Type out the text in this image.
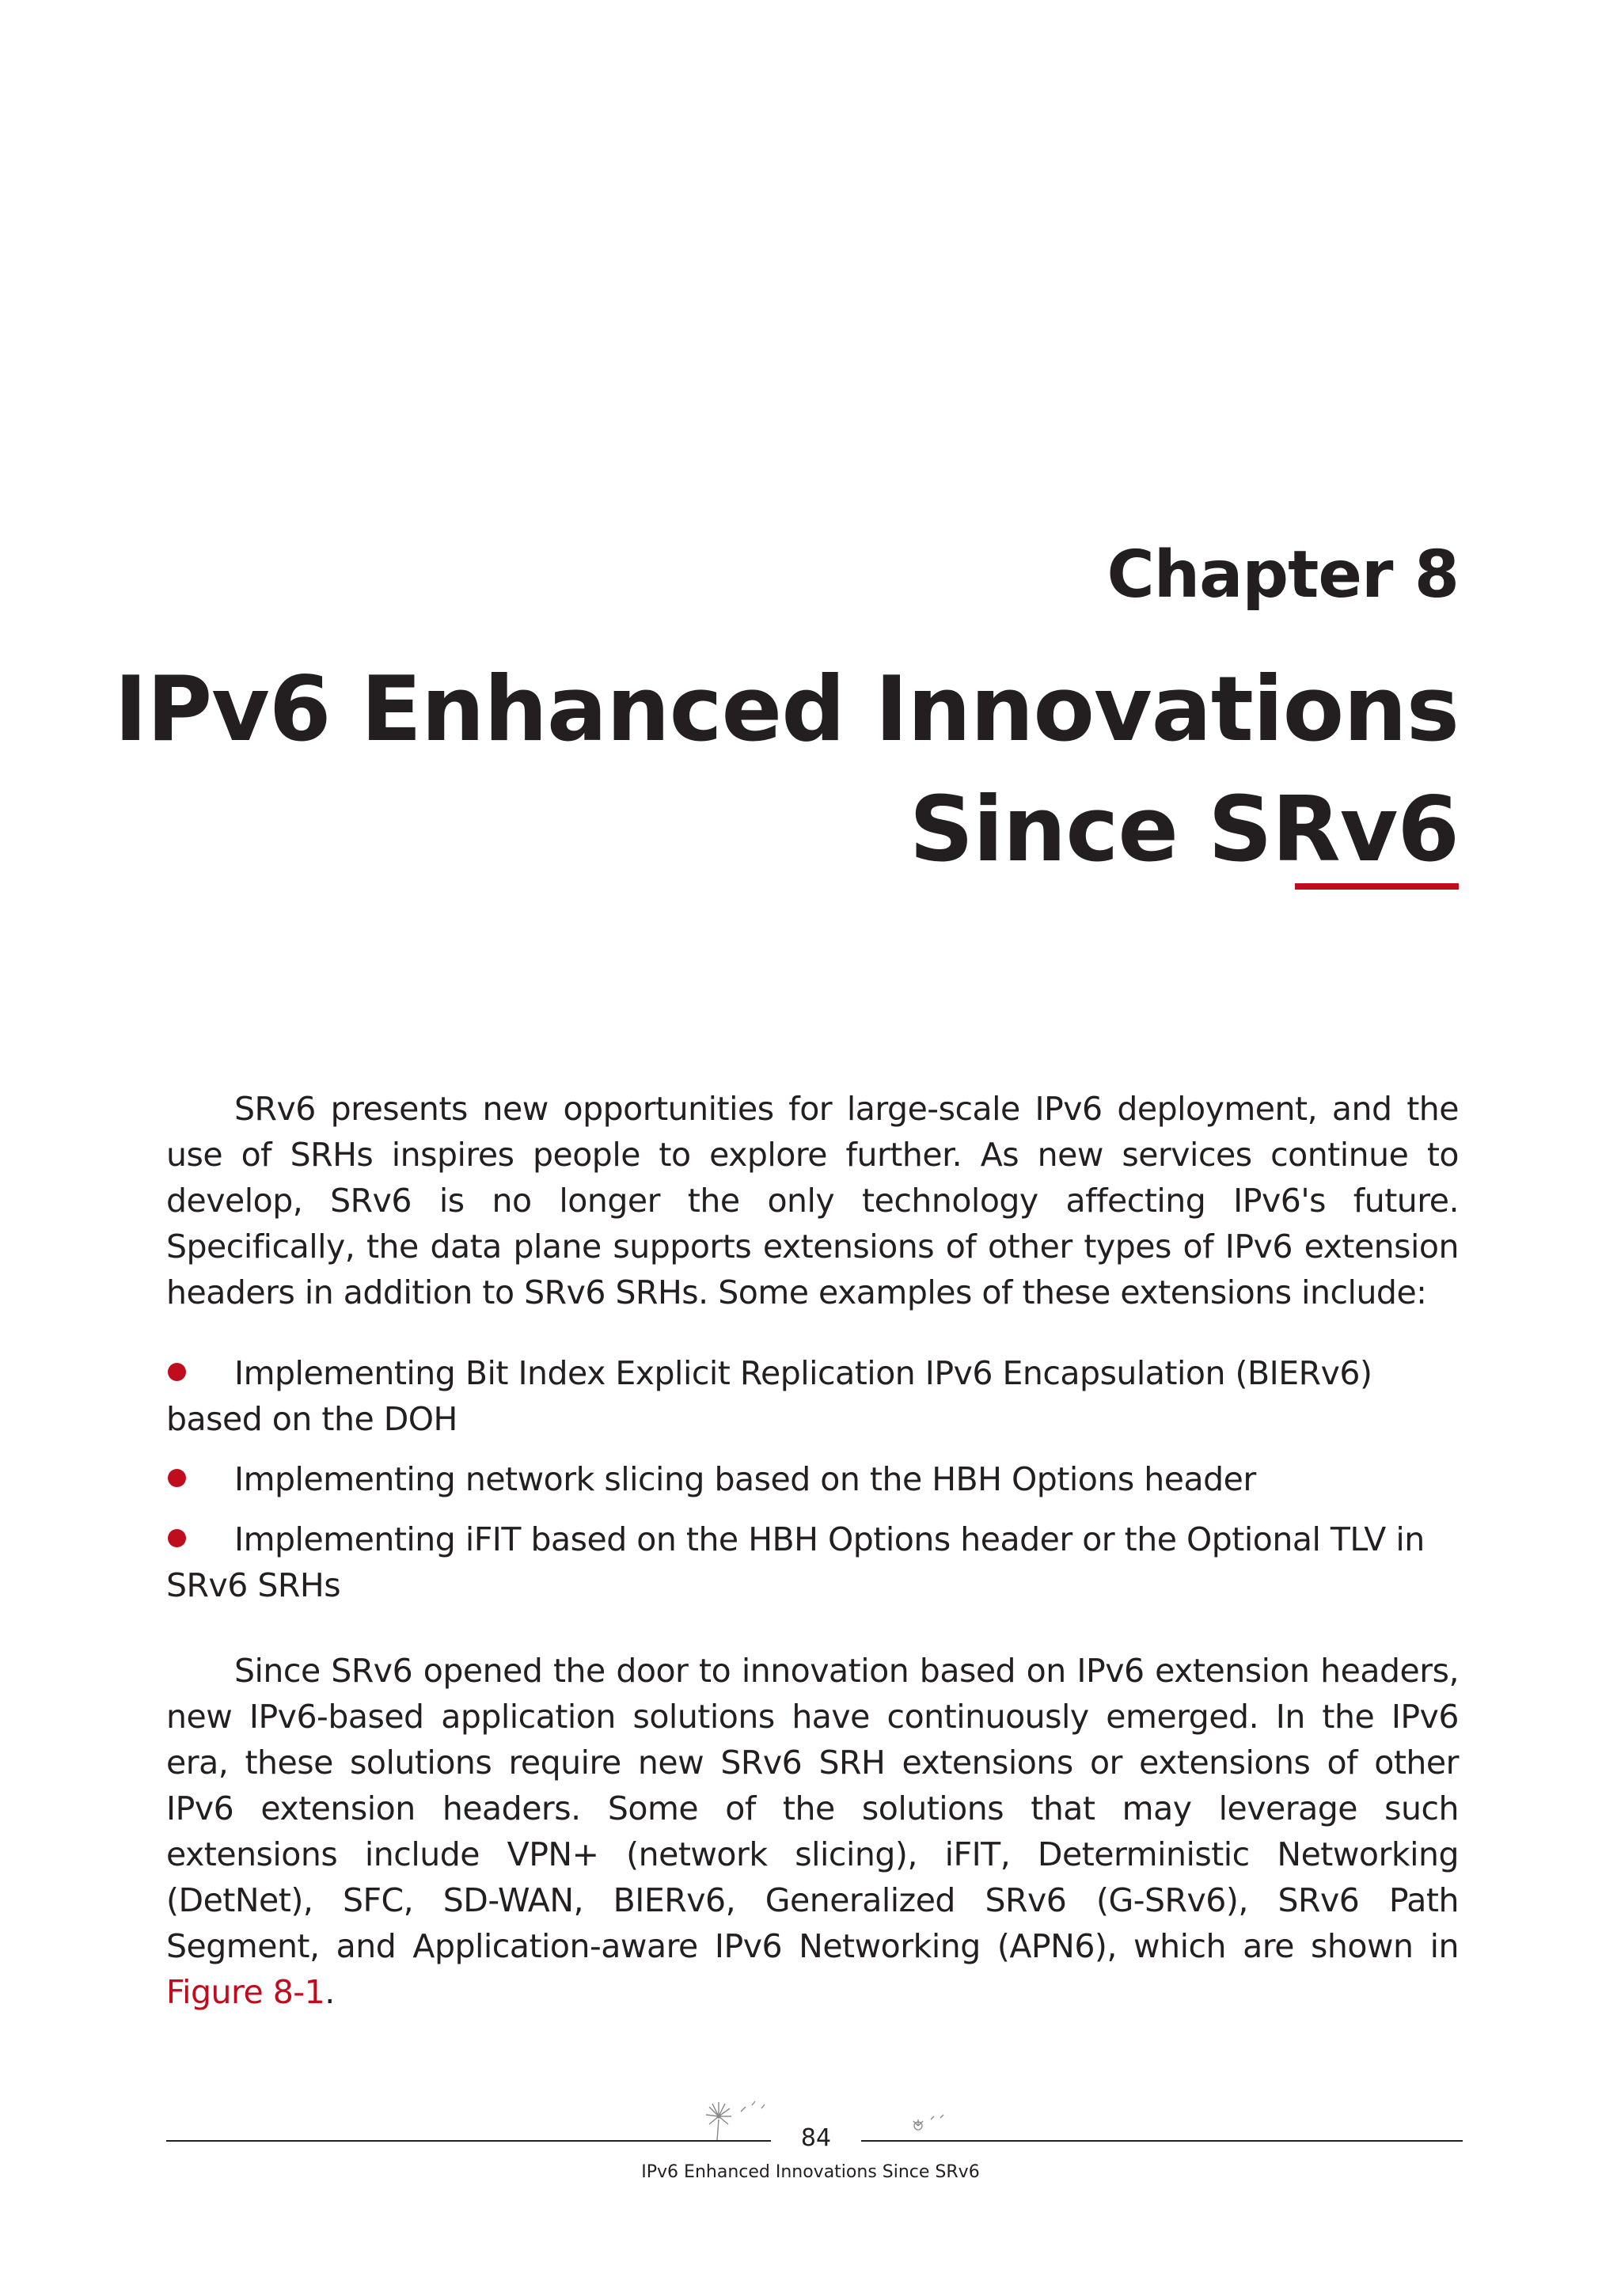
Chapter 8
IPv6 Enhanced Innovations
Since SRv6

SRv6 presents new opportunities for large-scale IPv6 deployment, and the use of SRHs inspires people to explore further. As new services continue to develop, SRv6 is no longer the only technology affecting IPv6's future. Specifically, the data plane supports extensions of other types of IPv6 extension headers in addition to SRv6 SRHs. Some examples of these extensions include:

Implementing Bit Index Explicit Replication IPv6 Encapsulation (BIERv6) based on the DOH
Implementing network slicing based on the HBH Options header
Implementing iFIT based on the HBH Options header or the Optional TLV in SRv6 SRHs

Since SRv6 opened the door to innovation based on IPv6 extension headers, new IPv6-based application solutions have continuously emerged. In the IPv6 era, these solutions require new SRv6 SRH extensions or extensions of other IPv6 extension headers. Some of the solutions that may leverage such extensions include VPN+ (network slicing), iFIT, Deterministic Networking (DetNet), SFC, SD-WAN, BIERv6, Generalized SRv6 (G-SRv6), SRv6 Path Segment, and Application-aware IPv6 Networking (APN6), which are shown in Figure 8-1.

84
IPv6 Enhanced Innovations Since SRv6
